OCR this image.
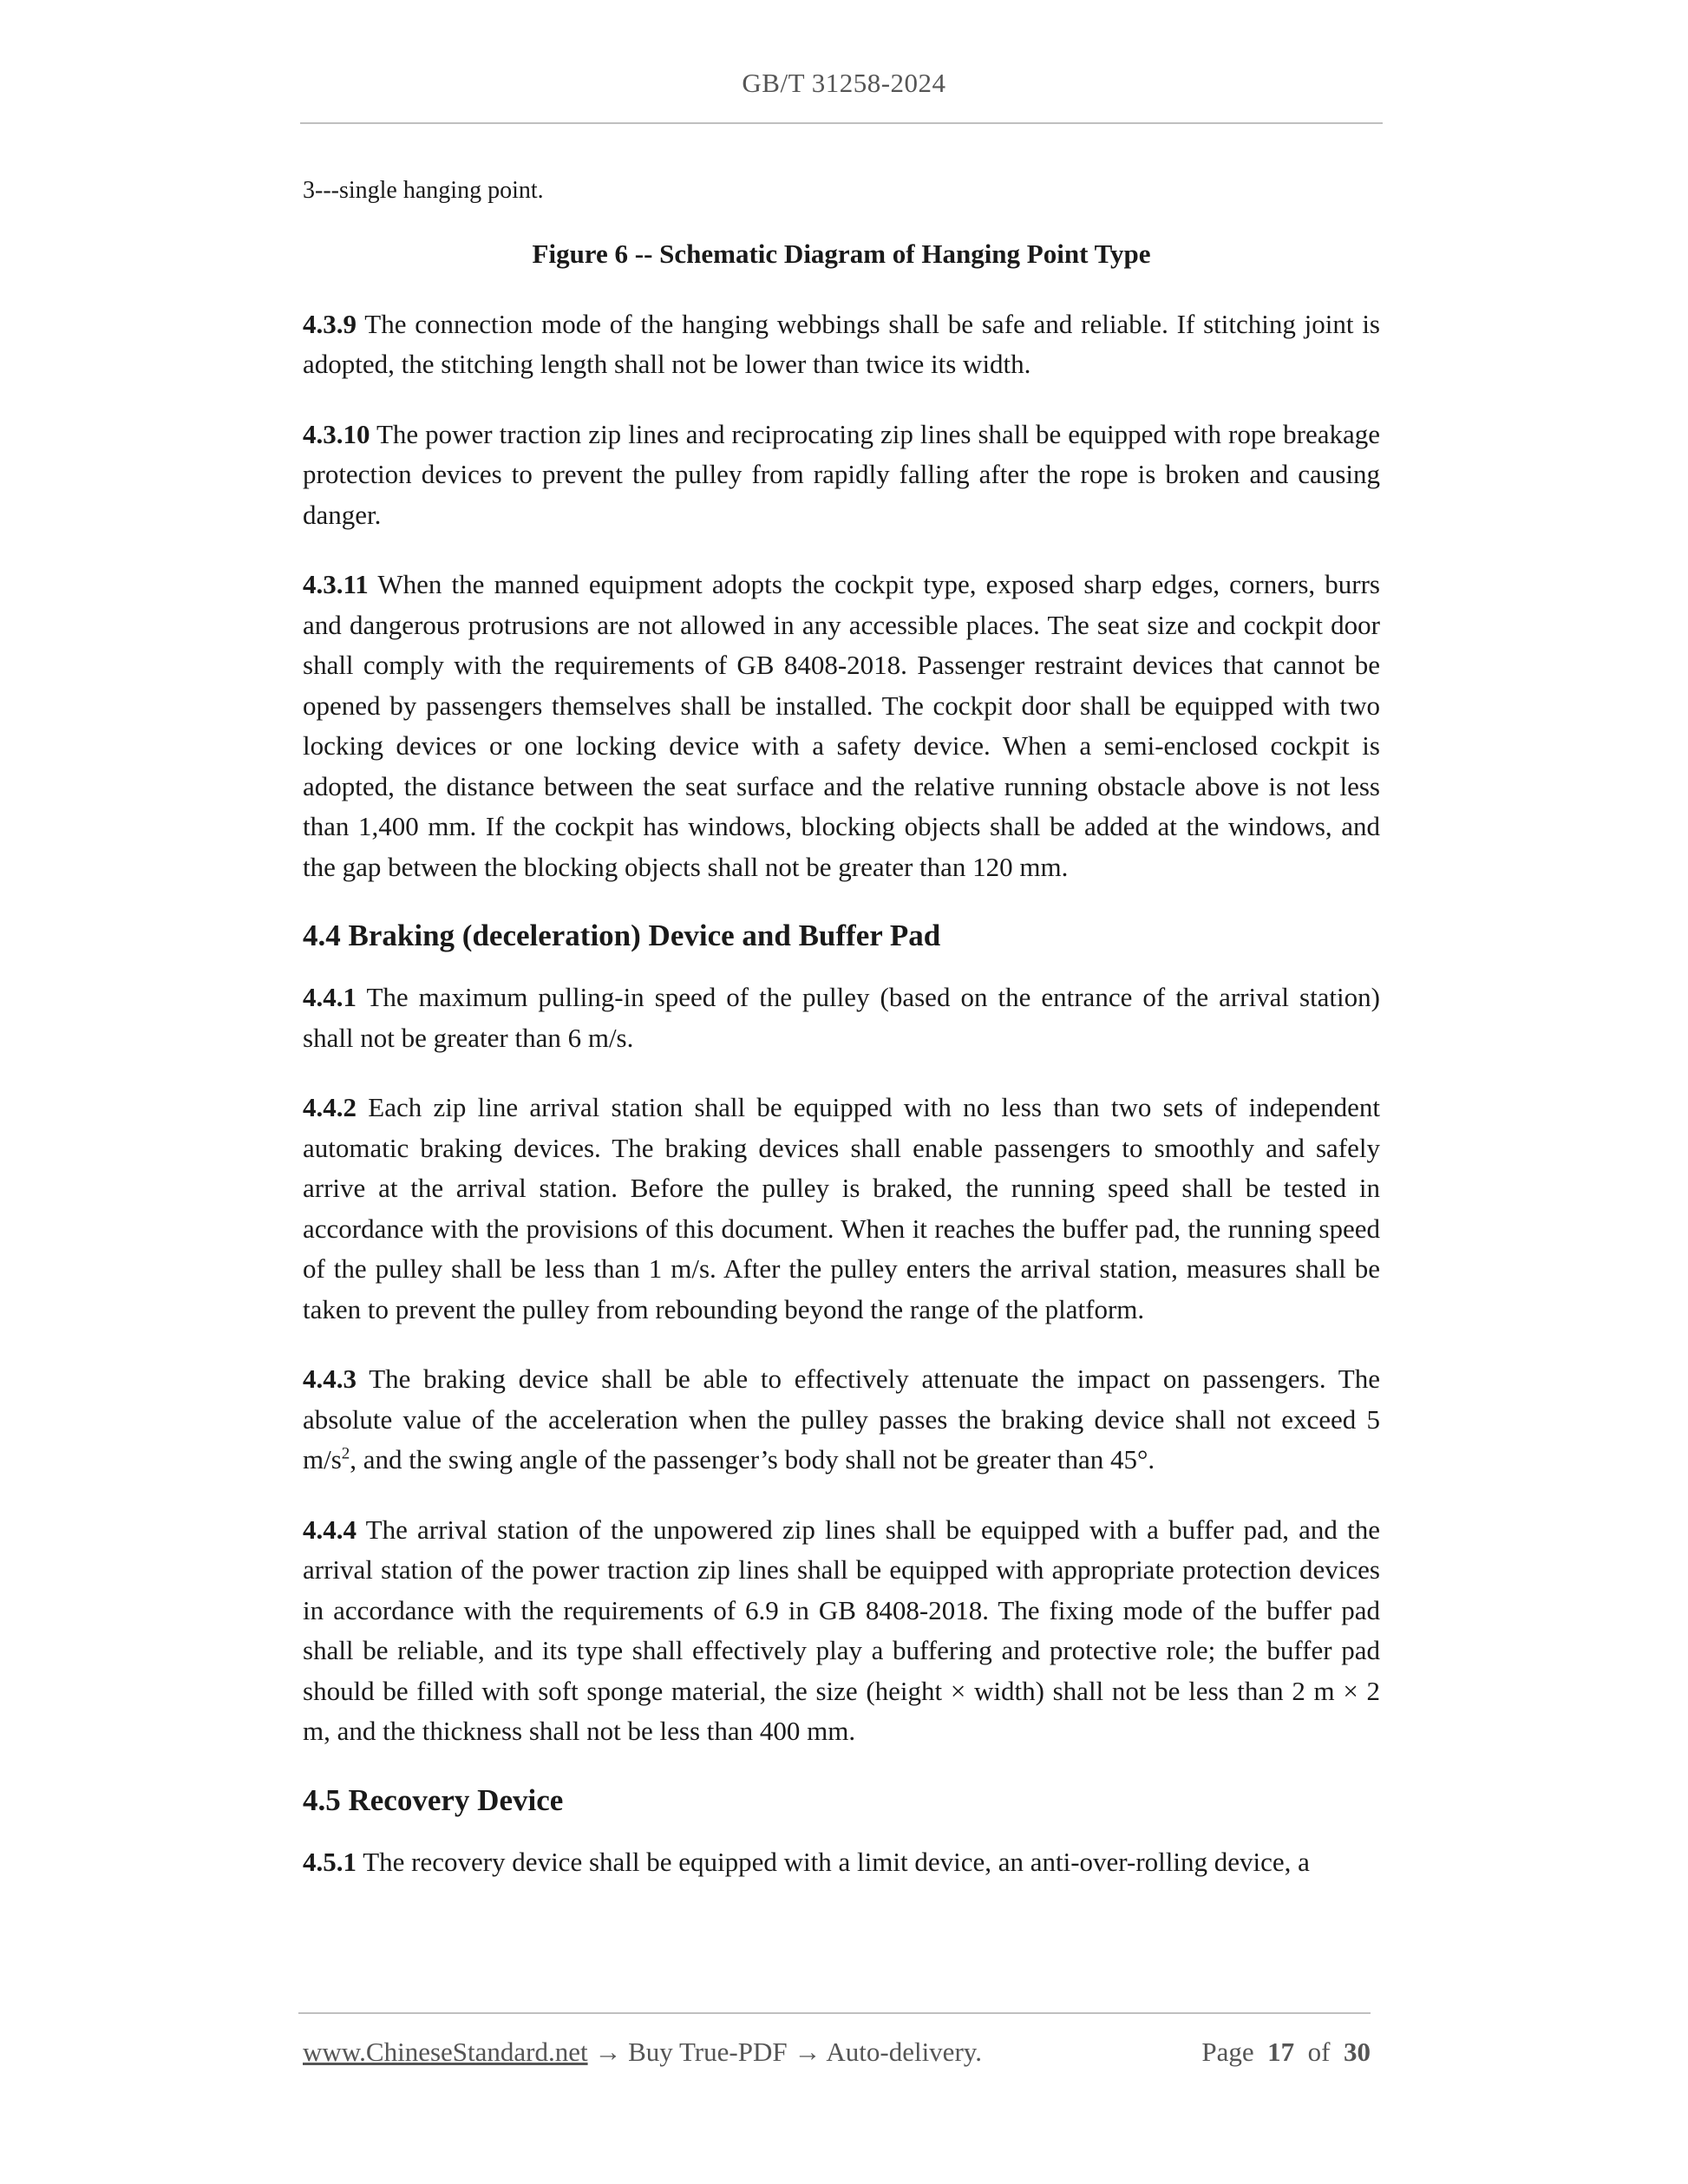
GB/T 31258-2024

3---single hanging point.

Figure 6 -- Schematic Diagram of Hanging Point Type

4.3.9 The connection mode of the hanging webbings shall be safe and reliable. If stitching joint is adopted, the stitching length shall not be lower than twice its width.

4.3.10 The power traction zip lines and reciprocating zip lines shall be equipped with rope breakage protection devices to prevent the pulley from rapidly falling after the rope is broken and causing danger.

4.3.11 When the manned equipment adopts the cockpit type, exposed sharp edges, corners, burrs and dangerous protrusions are not allowed in any accessible places. The seat size and cockpit door shall comply with the requirements of GB 8408-2018. Passenger restraint devices that cannot be opened by passengers themselves shall be installed. The cockpit door shall be equipped with two locking devices or one locking device with a safety device. When a semi-enclosed cockpit is adopted, the distance between the seat surface and the relative running obstacle above is not less than 1,400 mm. If the cockpit has windows, blocking objects shall be added at the windows, and the gap between the blocking objects shall not be greater than 120 mm.

4.4 Braking (deceleration) Device and Buffer Pad

4.4.1 The maximum pulling-in speed of the pulley (based on the entrance of the arrival station) shall not be greater than 6 m/s.

4.4.2 Each zip line arrival station shall be equipped with no less than two sets of independent automatic braking devices. The braking devices shall enable passengers to smoothly and safely arrive at the arrival station. Before the pulley is braked, the running speed shall be tested in accordance with the provisions of this document. When it reaches the buffer pad, the running speed of the pulley shall be less than 1 m/s. After the pulley enters the arrival station, measures shall be taken to prevent the pulley from rebounding beyond the range of the platform.

4.4.3 The braking device shall be able to effectively attenuate the impact on passengers. The absolute value of the acceleration when the pulley passes the braking device shall not exceed 5 $m/s^2$, and the swing angle of the passenger’s body shall not be greater than 45°.

4.4.4 The arrival station of the unpowered zip lines shall be equipped with a buffer pad, and the arrival station of the power traction zip lines shall be equipped with appropriate protection devices in accordance with the requirements of 6.9 in GB 8408-2018. The fixing mode of the buffer pad shall be reliable, and its type shall effectively play a buffering and protective role; the buffer pad should be filled with soft sponge material, the size (height × width) shall not be less than 2 m × 2 m, and the thickness shall not be less than 400 mm.

4.5 Recovery Device

4.5.1 The recovery device shall be equipped with a limit device, an anti-over-rolling device, a

www.ChineseStandard.net → Buy True-PDF → Auto-delivery.	Page 17 of 30
